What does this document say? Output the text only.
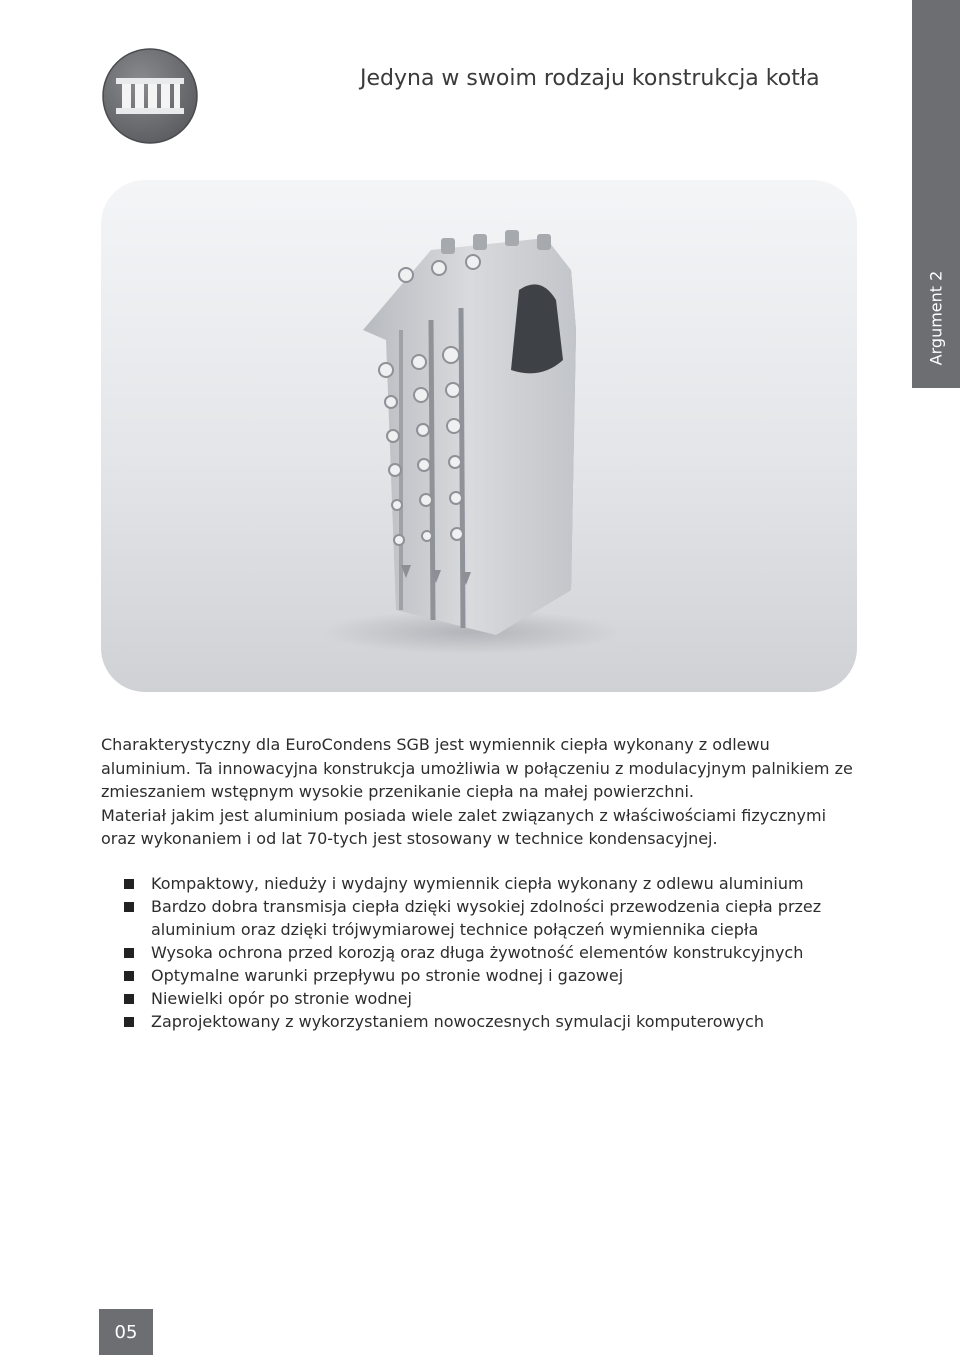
Argument 2
Jedyna w swoim rodzaju konstrukcja kotła

Charakterystyczny dla EuroCondens SGB jest wymiennik ciepła wykonany z odlewu aluminium. Ta innowacyjna konstrukcja umożliwia w połączeniu z modulacyjnym palnikiem ze zmieszaniem wstępnym wysokie przenikanie ciepła na małej powierzchni.

Materiał jakim jest aluminium posiada wiele zalet związanych z właściwościami fizycznymi oraz wykonaniem i od lat 70-tych jest stosowany w technice kondensacyjnej.

Kompaktowy, nieduży i wydajny wymiennik ciepła wykonany z odlewu aluminium
Bardzo dobra transmisja ciepła dzięki wysokiej zdolności przewodzenia ciepła przez aluminium oraz dzięki trójwymiarowej technice połączeń wymiennika ciepła
Wysoka ochrona przed korozją oraz długa żywotność elementów konstrukcyjnych
Optymalne warunki przepływu po stronie wodnej i gazowej
Niewielki opór po stronie wodnej
Zaprojektowany z wykorzystaniem nowoczesnych symulacji komputerowych
05
